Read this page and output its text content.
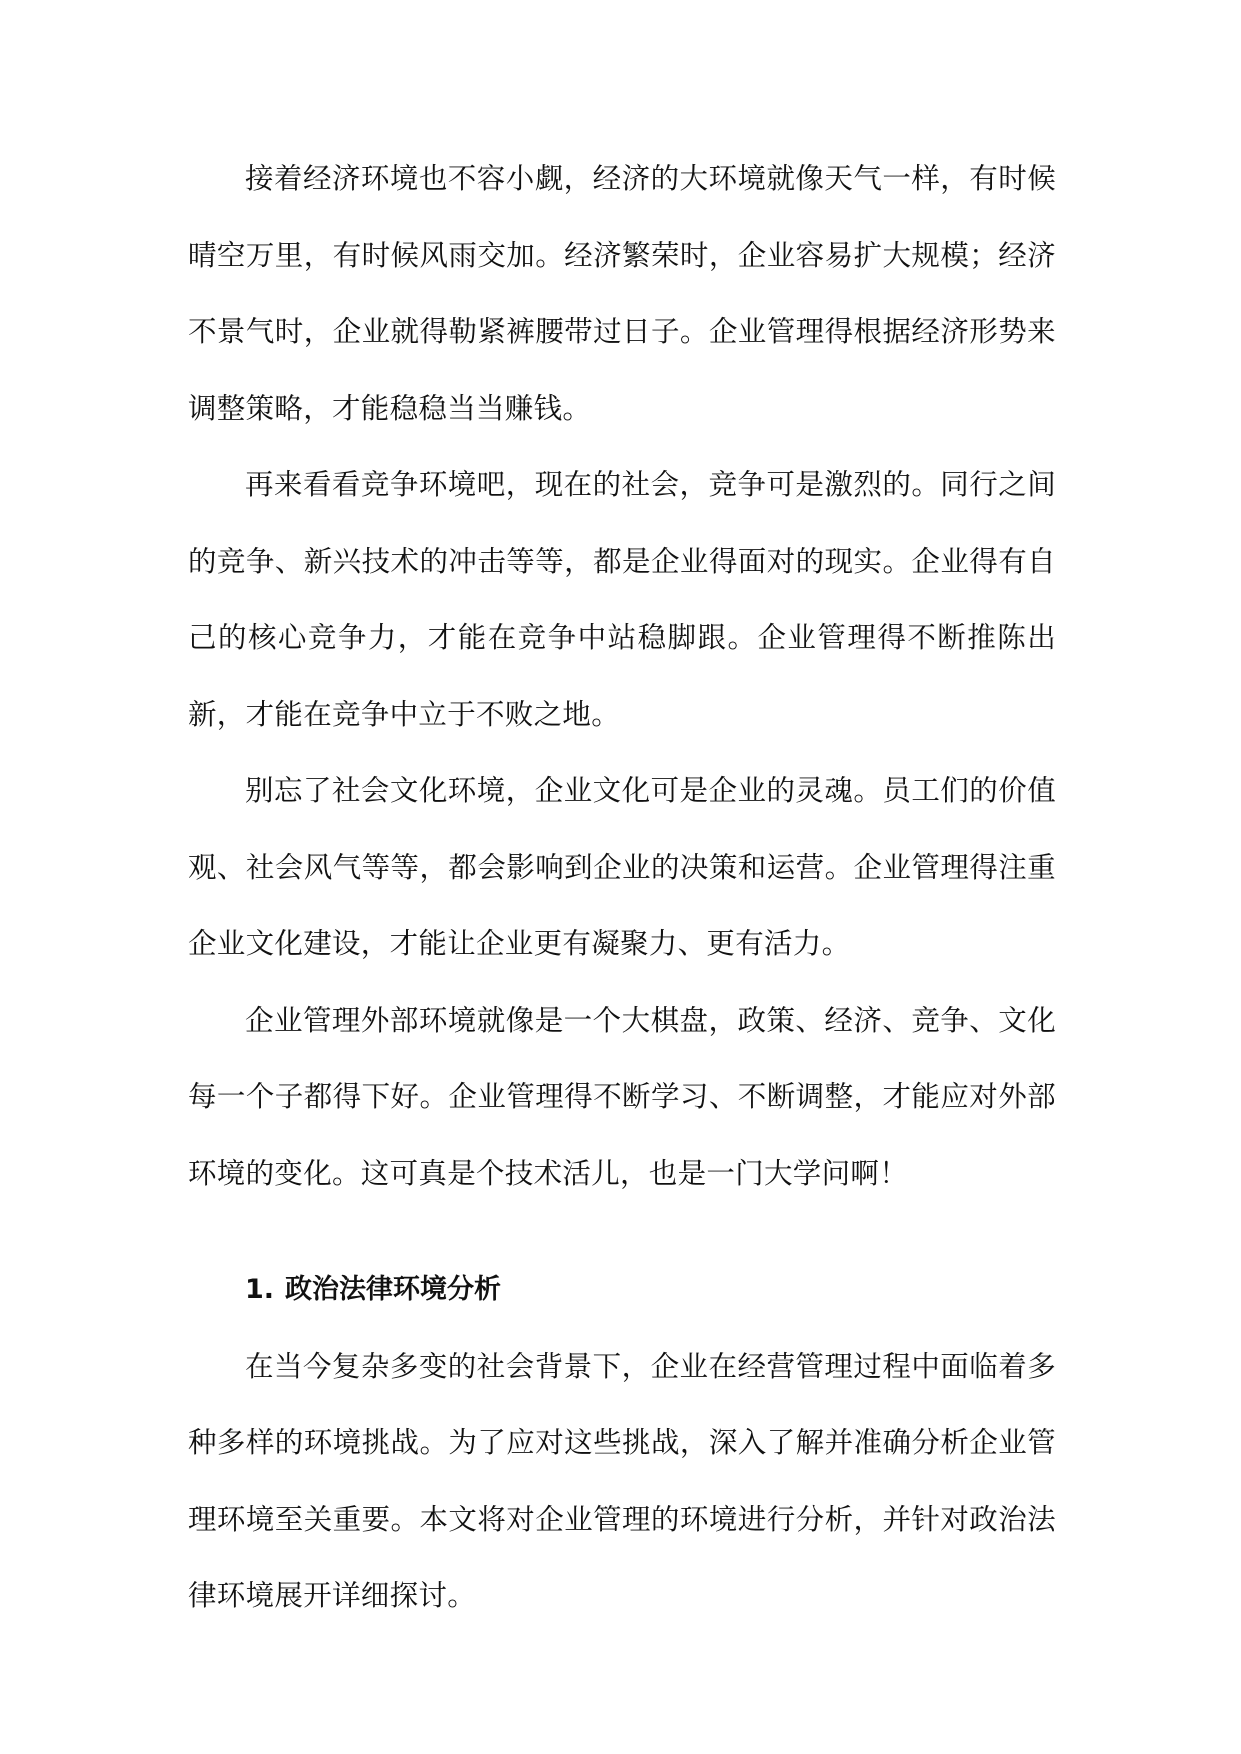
接着经济环境也不容小觑，经济的大环境就像天气一样，有时候晴空万里，有时候风雨交加。经济繁荣时，企业容易扩大规模；经济不景气时，企业就得勒紧裤腰带过日子。企业管理得根据经济形势来调整策略，才能稳稳当当赚钱。

再来看看竞争环境吧，现在的社会，竞争可是激烈的。同行之间的竞争、新兴技术的冲击等等，都是企业得面对的现实。企业得有自己的核心竞争力，才能在竞争中站稳脚跟。企业管理得不断推陈出新，才能在竞争中立于不败之地。

别忘了社会文化环境，企业文化可是企业的灵魂。员工们的价值观、社会风气等等，都会影响到企业的决策和运营。企业管理得注重企业文化建设，才能让企业更有凝聚力、更有活力。

企业管理外部环境就像是一个大棋盘，政策、经济、竞争、文化每一个子都得下好。企业管理得不断学习、不断调整，才能应对外部环境的变化。这可真是个技术活儿，也是一门大学问啊！

1. 政治法律环境分析

在当今复杂多变的社会背景下，企业在经营管理过程中面临着多种多样的环境挑战。为了应对这些挑战，深入了解并准确分析企业管理环境至关重要。本文将对企业管理的环境进行分析，并针对政治法律环境展开详细探讨。
